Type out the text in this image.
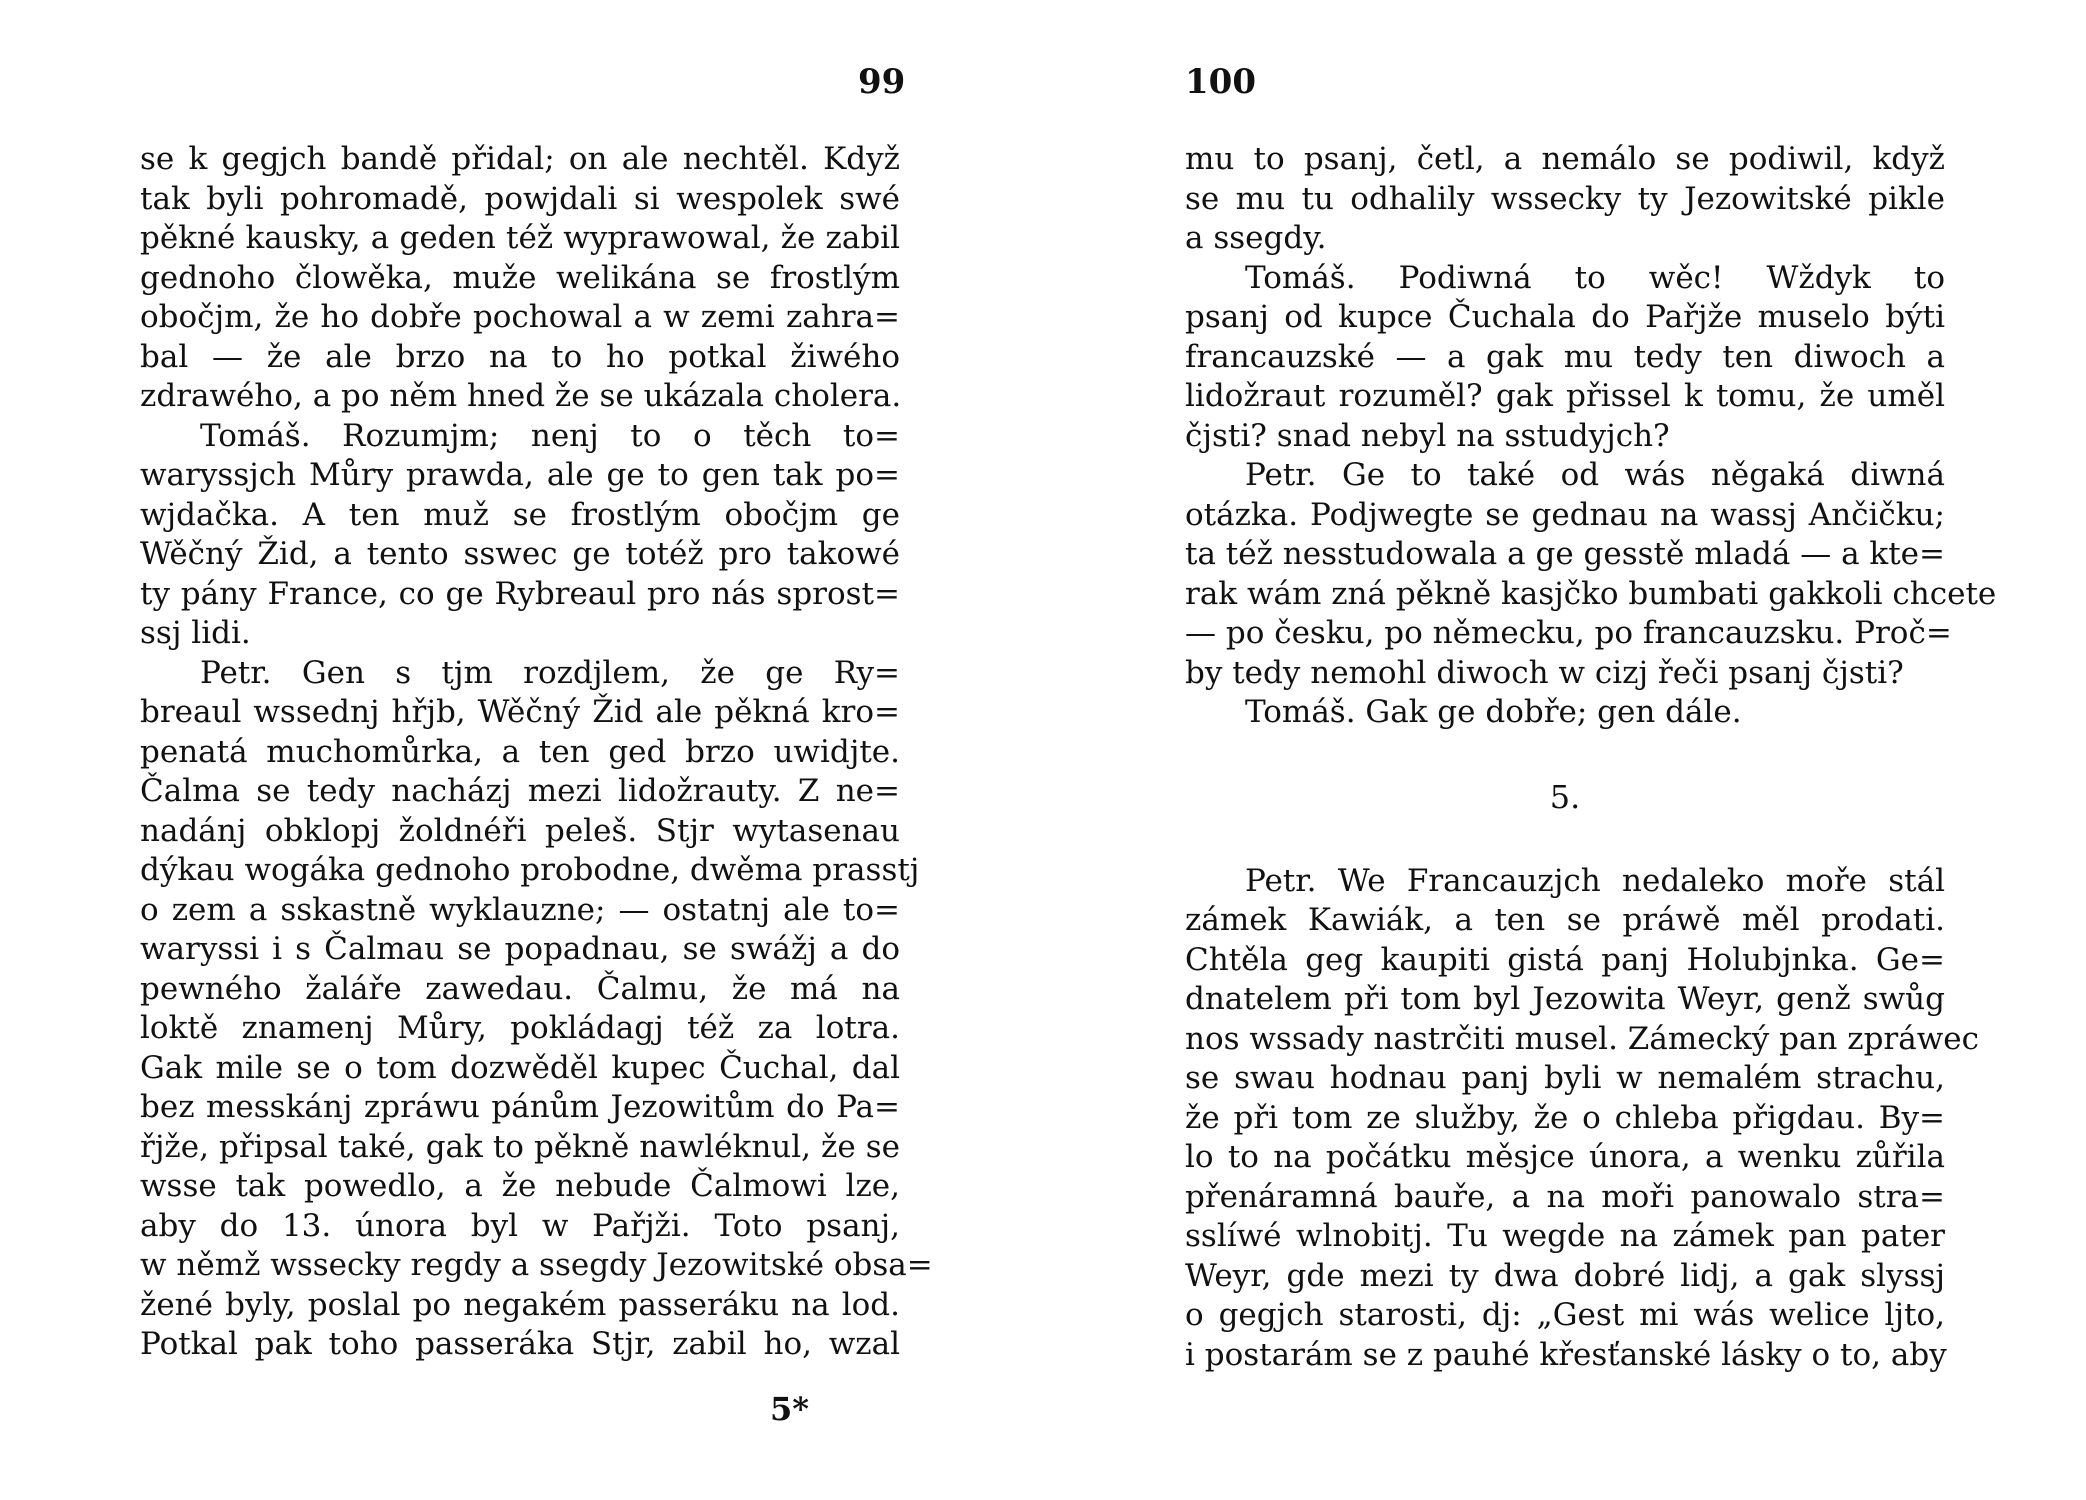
99
se k gegjch bandě přidal; on ale nechtěl. Když
tak byli pohromadě, powjdali si wespolek swé
pěkné kausky, a geden též wyprawowal, že zabil
gednoho člowěka, muže welikána se frostlým
obočjm, že ho dobře pochowal a w zemi zahra=
bal — že ale brzo na to ho potkal žiwého
zdrawého, a po něm hned že se ukázala cholera.
Tomáš. Rozumjm; nenj to o těch to=
waryssjch Můry prawda, ale ge to gen tak po=
wjdačka. A ten muž se frostlým obočjm ge
Wěčný Žid, a tento sswec ge totéž pro takowé
ty pány France, co ge Rybreaul pro nás sprost=
ssj lidi.
Petr. Gen s tjm rozdjlem, že ge Ry=
breaul wssednj hřjb, Wěčný Žid ale pěkná kro=
penatá muchomůrka, a ten ged brzo uwidjte.
Čalma se tedy nacházj mezi lidožrauty. Z ne=
nadánj obklopj žoldnéři peleš. Stjr wytasenau
dýkau wogáka gednoho probodne, dwěma prasstj
o zem a sskastně wyklauzne; — ostatnj ale to=
waryssi i s Čalmau se popadnau, se swážj a do
pewného žaláře zawedau. Čalmu, že má na
loktě znamenj Můry, pokládagj též za lotra.
Gak mile se o tom dozwěděl kupec Čuchal, dal
bez messkánj zpráwu pánům Jezowitům do Pa=
řjže, připsal také, gak to pěkně nawléknul, že se
wsse tak powedlo, a že nebude Čalmowi lze,
aby do 13. února byl w Pařjži. Toto psanj,
w němž wssecky regdy a ssegdy Jezowitské obsa=
žené byly, poslal po negakém passeráku na lod.
Potkal pak toho passeráka Stjr, zabil ho, wzal
5*
100
mu to psanj, četl, a nemálo se podiwil, když
se mu tu odhalily wssecky ty Jezowitské pikle
a ssegdy.
Tomáš. Podiwná to wěc! Wždyk to
psanj od kupce Čuchala do Pařjže muselo býti
francauzské — a gak mu tedy ten diwoch a
lidožraut rozuměl? gak přissel k tomu, že uměl
čjsti? snad nebyl na sstudyjch?
Petr. Ge to také od wás něgaká diwná
otázka. Podjwegte se gednau na wassj Ančičku;
ta též nesstudowala a ge gesstě mladá — a kte=
rak wám zná pěkně kasjčko bumbati gakkoli chcete
— po česku, po německu, po francauzsku. Proč=
by tedy nemohl diwoch w cizj řeči psanj čjsti?
Tomáš. Gak ge dobře; gen dále.
5.
Petr. We Francauzjch nedaleko moře stál
zámek Kawiák, a ten se práwě měl prodati.
Chtěla geg kaupiti gistá panj Holubjnka. Ge=
dnatelem při tom byl Jezowita Weyr, genž swůg
nos wssady nastrčiti musel. Zámecký pan zpráwec
se swau hodnau panj byli w nemalém strachu,
že při tom ze služby, že o chleba přigdau. By=
lo to na počátku měsjce února, a wenku zůřila
přenáramná bauře, a na moři panowalo stra=
sslíwé wlnobitj. Tu wegde na zámek pan pater
Weyr, gde mezi ty dwa dobré lidj, a gak slyssj
o gegjch starosti, dj: „Gest mi wás welice ljto,
i postarám se z pauhé křesťanské lásky o to, aby
